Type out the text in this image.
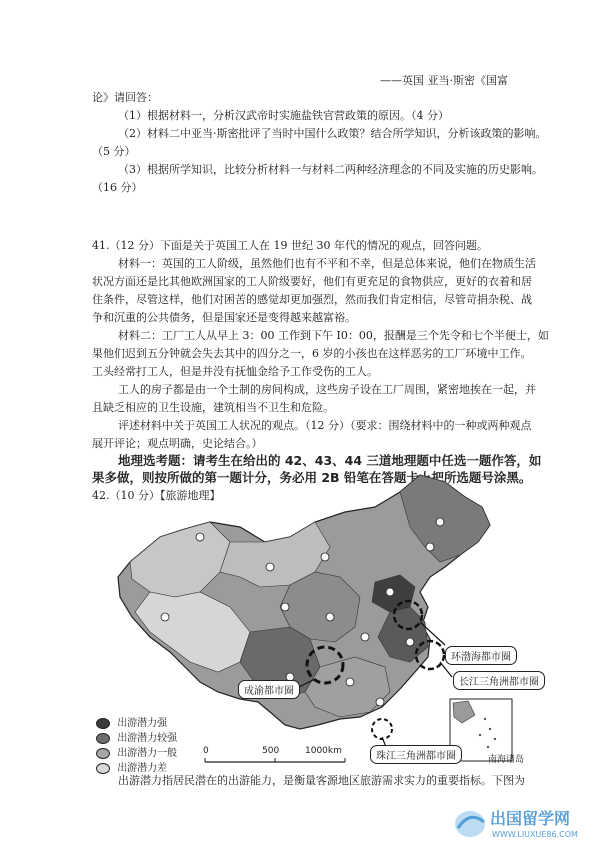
——英国 亚当·斯密《国富
论》请回答：
（1）根据材料一，分析汉武帝时实施盐铁官营政策的原因。（4 分）
（2）材料二中亚当·斯密批评了当时中国什么政策？结合所学知识，分析该政策的影响。
（5 分）
（3）根据所学知识，比较分析材料一与材料二两种经济理念的不同及实施的历史影响。
（16 分）
41.（12 分）下面是关于英国工人在 19 世纪 30 年代的情况的观点，回答问题。
材料一：英国的工人阶级，虽然他们也有不平和不幸，但是总体来说，他们在物质生活
状况方面还是比其他欧洲国家的工人阶级要好，他们有更充足的食物供应，更好的衣着和居
住条件，尽管这样，他们对困苦的感觉却更加强烈，然而我们肯定相信，尽管苛捐杂税、战
争和沉重的公共债务，但是国家还是变得越来越富裕。
材料二：工厂工人从早上 3：00 工作到下午 I0：00，报酬是三个先令和七个半便士，如
果他们迟到五分钟就会失去其中的四分之一，6 岁的小孩也在这样恶劣的工厂环境中工作。
工头经常打工人，但是并没有抚恤金给予工作受伤的工人。
工人的房子都是由一个土制的房间构成，这些房子设在工厂周围，紧密地挨在一起，并
且缺乏相应的卫生设施，建筑相当不卫生和危险。
评述材料中关于英国工人状况的观点。（12 分）（要求：围绕材料中的一种或两种观点
展开评论；观点明确，史论结合。）
地理选考题：请考生在给出的 42、43、44 三道地理题中任选一题作答，如
果多做，则按所做的第一题计分，务必用 2B 铅笔在答题卡上把所选题号涂黑。
42.（10 分）【旅游地理】
环渤海都市圈
长江三角洲都市圈
成渝都市圈
珠江三角洲都市圈	南海诸岛
出游潜力强
出游潜力较强
出游潜力一般
出游潜力差
0	500	1000km
出游潜力指居民潜在的出游能力，是衡量客源地区旅游需求实力的重要指标。下图为
出国留学网
WWW.LIUXUE86.COM
